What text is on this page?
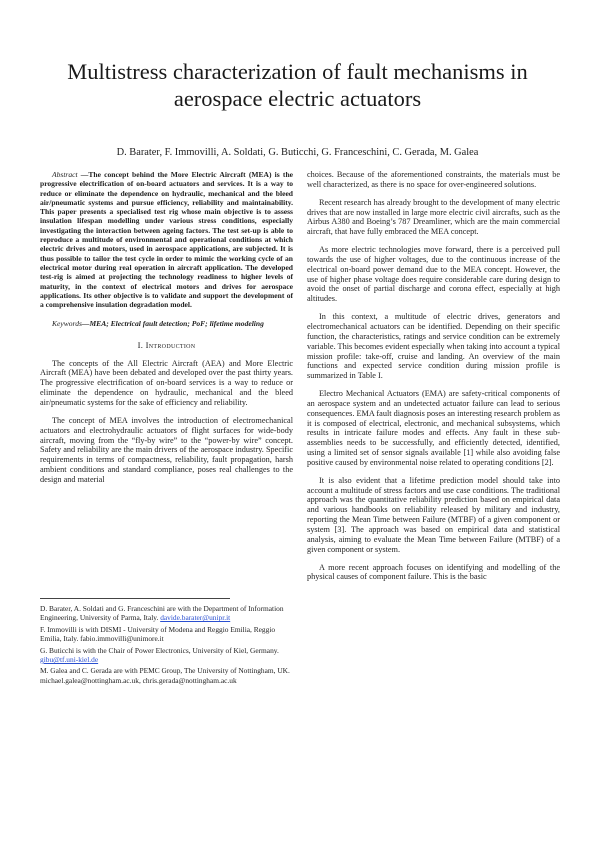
Multistress characterization of fault mechanisms in aerospace electric actuators
D. Barater, F. Immovilli, A. Soldati, G. Buticchi, G. Franceschini, C. Gerada, M. Galea

Abstract —The concept behind the More Electric Aircraft (MEA) is the progressive electrification of on-board actuators and services. It is a way to reduce or eliminate the dependence on hydraulic, mechanical and the bleed air/pneumatic systems and pursue efficiency, reliability and maintainability. This paper presents a specialised test rig whose main objective is to assess insulation lifespan modelling under various stress conditions, especially investigating the interaction between ageing factors. The test set-up is able to reproduce a multitude of environmental and operational conditions at which electric drives and motors, used in aerospace applications, are subjected. It is thus possible to tailor the test cycle in order to mimic the working cycle of an electrical motor during real operation in aircraft application. The developed test-rig is aimed at projecting the technology readiness to higher levels of maturity, in the context of electrical motors and drives for aerospace applications. Its other objective is to validate and support the development of a comprehensive insulation degradation model.

Keywords—MEA; Electrical fault detection; PoF; lifetime modeling

I. Introduction

The concepts of the All Electric Aircraft (AEA) and More Electric Aircraft (MEA) have been debated and developed over the past thirty years. The progressive electrification of on-board services is a way to reduce or eliminate the dependence on hydraulic, mechanical and the bleed air/pneumatic systems for the sake of efficiency and reliability.

The concept of MEA involves the introduction of electromechanical actuators and electrohydraulic actuators of flight surfaces for wide-body aircraft, moving from the “fly-by wire” to the “power-by wire” concept. Safety and reliability are the main drivers of the aerospace industry. Specific requirements in terms of compactness, reliability, fault propagation, harsh ambient conditions and standard compliance, poses real challenges to the design and material

D. Barater, A. Soldati and G. Franceschini are with the Department of Information Engineering, University of Parma, Italy. davide.barater@unipr.it
F. Immovilli is with DISMI - University of Modena and Reggio Emilia, Reggio Emilia, Italy. fabio.immovilli@unimore.it
G. Buticchi is with the Chair of Power Electronics, University of Kiel, Germany. gibu@tf.uni-kiel.de
M. Galea and C. Gerada are with PEMC Group, The University of Nottingham, UK. michael.galea@nottingham.ac.uk, chris.gerada@nottingham.ac.uk

choices. Because of the aforementioned constraints, the materials must be well characterized, as there is no space for over-engineered solutions.

Recent research has already brought to the development of many electric drives that are now installed in large more electric civil aircrafts, such as the Airbus A380 and Boeing’s 787 Dreamliner, which are the main commercial aircraft, that have fully embraced the MEA concept.

As more electric technologies move forward, there is a perceived pull towards the use of higher voltages, due to the continuous increase of the electrical on-board power demand due to the MEA concept. However, the use of higher phase voltage does require considerable care during design to avoid the onset of partial discharge and corona effect, especially at high altitudes.

In this context, a multitude of electric drives, generators and electromechanical actuators can be identified. Depending on their specific function, the characteristics, ratings and service condition can be extremely variable. This becomes evident especially when taking into account a typical mission profile: take-off, cruise and landing. An overview of the main functions and expected service condition during mission profile is summarized in Table I.

Electro Mechanical Actuators (EMA) are safety-critical components of an aerospace system and an undetected actuator failure can lead to serious consequences. EMA fault diagnosis poses an interesting research problem as it is composed of electrical, electronic, and mechanical subsystems, which results in intricate failure modes and effects. Any fault in these sub-assemblies needs to be successfully, and efficiently detected, identified, using a limited set of sensor signals available [1] while also avoiding false positive caused by environmental noise related to operating conditions [2].

It is also evident that a lifetime prediction model should take into account a multitude of stress factors and use case conditions. The traditional approach was the quantitative reliability prediction based on empirical data and various handbooks on reliability released by military and industry, reporting the Mean Time between Failure (MTBF) of a given component or system [3]. The approach was based on empirical data and statistical analysis, aiming to evaluate the Mean Time between Failure (MTBF) of a given component or system.

A more recent approach focuses on identifying and modelling of the physical causes of component failure. This is the basic
